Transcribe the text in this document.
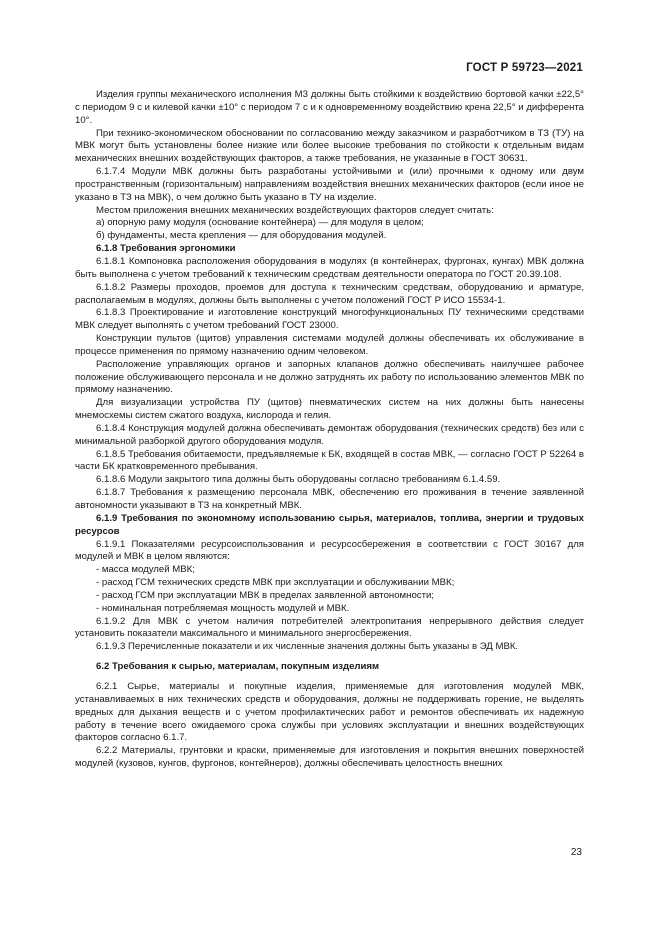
ГОСТ Р 59723—2021

Изделия группы механического исполнения М3 должны быть стойкими к воздействию бортовой качки ±22,5° с периодом 9 с и килевой качки ±10° с периодом 7 с и к одновременному воздействию крена 22,5° и дифферента 10°.

При технико-экономическом обосновании по согласованию между заказчиком и разработчиком в ТЗ (ТУ) на МВК могут быть установлены более низкие или более высокие требования по стойкости к отдельным видам механических внешних воздействующих факторов, а также требования, не указанные в ГОСТ 30631.

6.1.7.4 Модули МВК должны быть разработаны устойчивыми и (или) прочными к одному или двум пространственным (горизонтальным) направлениям воздействия внешних механических факторов (если иное не указано в ТЗ на МВК), о чем должно быть указано в ТУ на изделие.

Местом приложения внешних механических воздействующих факторов следует считать:

а) опорную раму модуля (основание контейнера) — для модуля в целом;

б) фундаменты, места крепления — для оборудования модулей.

6.1.8 Требования эргономики

6.1.8.1 Компоновка расположения оборудования в модулях (в контейнерах, фургонах, кунгах) МВК должна быть выполнена с учетом требований к техническим средствам деятельности оператора по ГОСТ 20.39.108.

6.1.8.2 Размеры проходов, проемов для доступа к техническим средствам, оборудованию и арматуре, располагаемым в модулях, должны быть выполнены с учетом положений ГОСТ Р ИСО 15534-1.

6.1.8.3 Проектирование и изготовление конструкций многофункциональных ПУ техническими средствами МВК следует выполнять с учетом требований ГОСТ 23000.

Конструкции пультов (щитов) управления системами модулей должны обеспечивать их обслуживание в процессе применения по прямому назначению одним человеком.

Расположение управляющих органов и запорных клапанов должно обеспечивать наилучшее рабочее положение обслуживающего персонала и не должно затруднять их работу по использованию элементов МВК по прямому назначению.

Для визуализации устройства ПУ (щитов) пневматических систем на них должны быть нанесены мнемосхемы систем сжатого воздуха, кислорода и гелия.

6.1.8.4 Конструкция модулей должна обеспечивать демонтаж оборудования (технических средств) без или с минимальной разборкой другого оборудования модуля.

6.1.8.5 Требования обитаемости, предъявляемые к БК, входящей в состав МВК, — согласно ГОСТ Р 52264 в части БК кратковременного пребывания.

6.1.8.6 Модули закрытого типа должны быть оборудованы согласно требованиям 6.1.4.59.

6.1.8.7 Требования к размещению персонала МВК, обеспечению его проживания в течение заявленной автономности указывают в ТЗ на конкретный МВК.

6.1.9 Требования по экономному использованию сырья, материалов, топлива, энергии и трудовых ресурсов

6.1.9.1 Показателями ресурсоиспользования и ресурсосбережения в соответствии с ГОСТ 30167 для модулей и МВК в целом являются:

- масса модулей МВК;

- расход ГСМ технических средств МВК при эксплуатации и обслуживании МВК;

- расход ГСМ при эксплуатации МВК в пределах заявленной автономности;

- номинальная потребляемая мощность модулей и МВК.

6.1.9.2 Для МВК с учетом наличия потребителей электропитания непрерывного действия следует установить показатели максимального и минимального энергосбережения.

6.1.9.3 Перечисленные показатели и их численные значения должны быть указаны в ЭД МВК.

6.2 Требования к сырью, материалам, покупным изделиям

6.2.1 Сырье, материалы и покупные изделия, применяемые для изготовления модулей МВК, устанавливаемых в них технических средств и оборудования, должны не поддерживать горение, не выделять вредных для дыхания веществ и с учетом профилактических работ и ремонтов обеспечивать их надежную работу в течение всего ожидаемого срока службы при условиях эксплуатации и внешних воздействующих факторов согласно 6.1.7.

6.2.2 Материалы, грунтовки и краски, применяемые для изготовления и покрытия внешних поверхностей модулей (кузовов, кунгов, фургонов, контейнеров), должны обеспечивать целостность внешних

23
